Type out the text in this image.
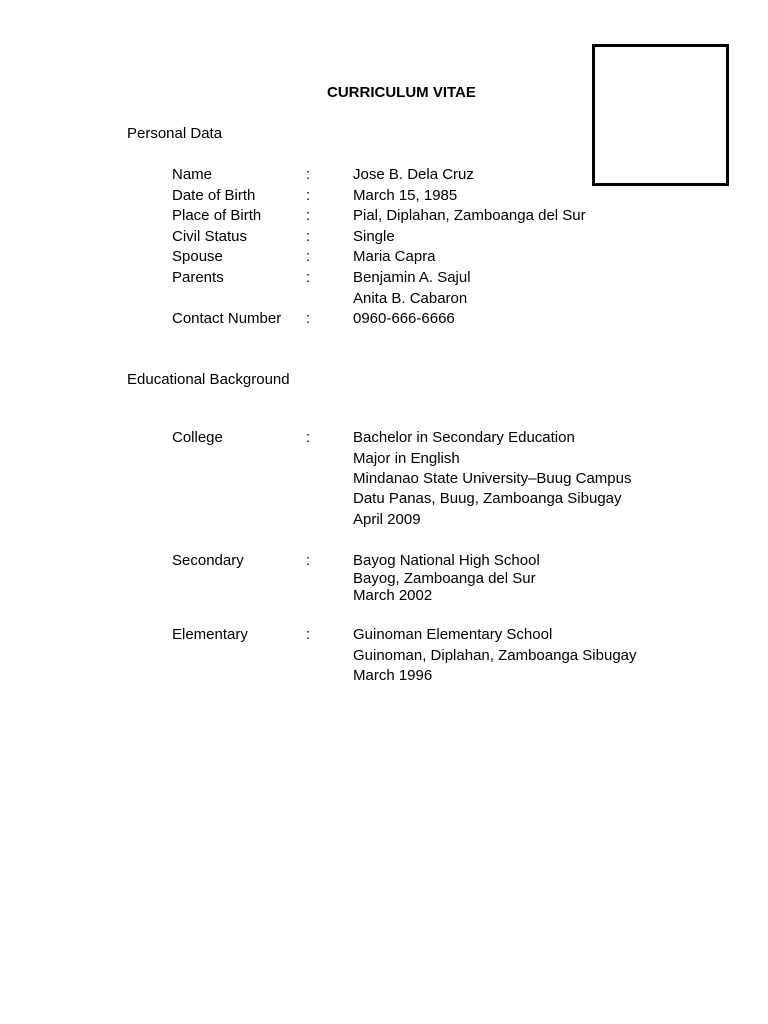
CURRICULUM VITAE
Personal Data
Name	:	Jose B. Dela Cruz
Date of Birth	:	March 15, 1985
Place of Birth	:	Pial, Diplahan, Zamboanga del Sur
Civil Status	:	Single
Spouse	:	Maria Capra
Parents	:	Benjamin A. Sajul
Anita B. Cabaron
Contact Number :	0960-666-6666
Educational Background
College	:	Bachelor in Secondary Education
Major in English
Mindanao State University–Buug Campus
Datu Panas, Buug, Zamboanga Sibugay
April 2009
Secondary	:	Bayog National High School
Bayog, Zamboanga del Sur
March 2002
Elementary	:	Guinoman Elementary School
Guinoman, Diplahan, Zamboanga Sibugay
March 1996
